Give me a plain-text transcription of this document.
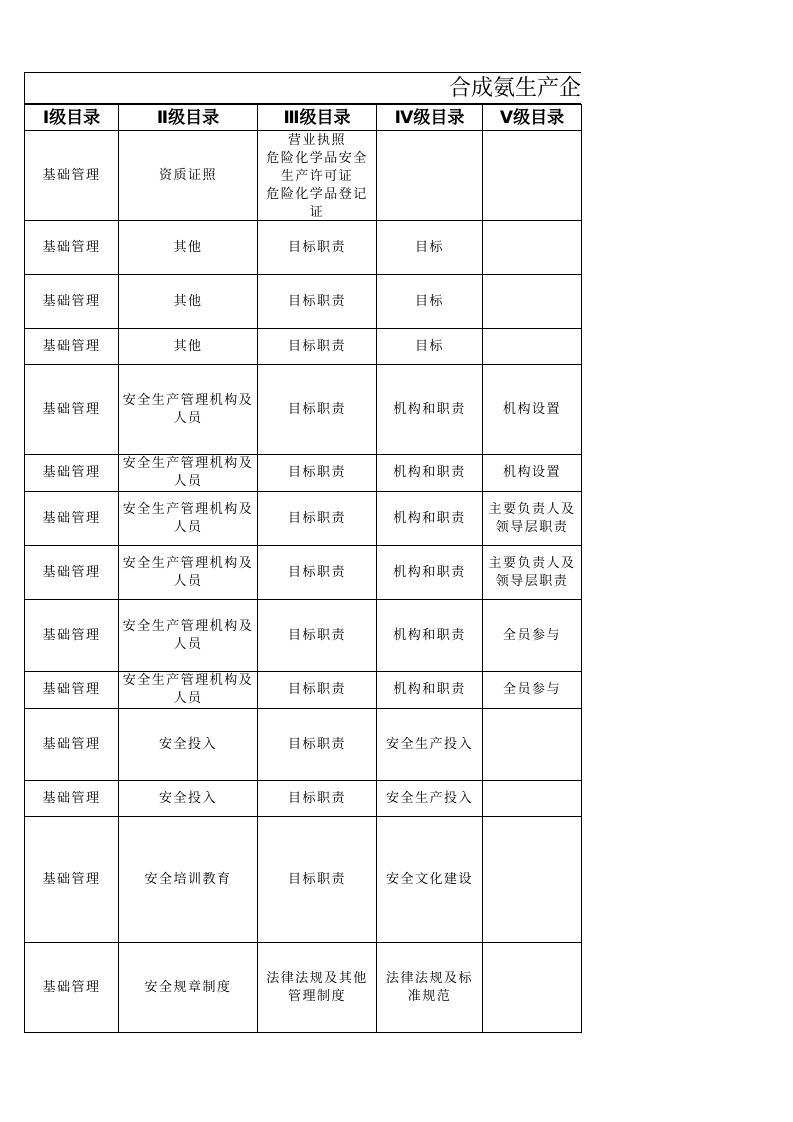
合成氨生产企
Ⅰ级目录	Ⅱ级目录	Ⅲ级目录	Ⅳ级目录	Ⅴ级目录
基础管理	资质证照	营业执照
危险化学品安全生产许可证
危险化学品登记证		

基础管理	其他	目标职责	目标	
基础管理	其他	目标职责	目标	
基础管理	其他	目标职责	目标	
基础管理	安全生产管理机构及人员	目标职责	机构和职责	机构设置
基础管理	安全生产管理机构及人员	目标职责	机构和职责	机构设置
基础管理	安全生产管理机构及人员	目标职责	机构和职责	主要负责人及领导层职责
基础管理	安全生产管理机构及人员	目标职责	机构和职责	主要负责人及领导层职责
基础管理	安全生产管理机构及人员	目标职责	机构和职责	全员参与
基础管理	安全生产管理机构及人员	目标职责	机构和职责	全员参与
基础管理	安全投入	目标职责	安全生产投入	
基础管理	安全投入	目标职责	安全生产投入	
基础管理	安全培训教育	目标职责	安全文化建设	
基础管理	安全规章制度	法律法规及其他管理制度	法律法规及标准规范	
